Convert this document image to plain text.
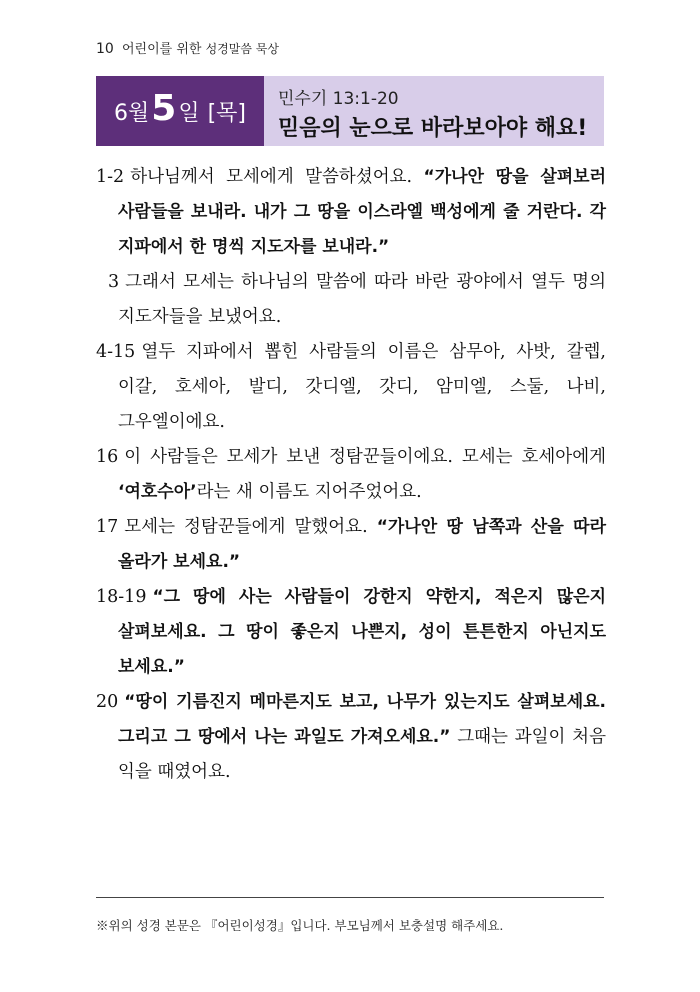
10 어린이를 위한 성경말씀 묵상
6월 5 일 [목]
민수기 13:1-20
믿음의 눈으로 바라보아야 해요!

1-2 하나님께서 모세에게 말씀하셨어요. “가나안 땅을 살펴보러 사람들을 보내라. 내가 그 땅을 이스라엘 백성에게 줄 거란다. 각 지파에서 한 명씩 지도자를 보내라.”

3 그래서 모세는 하나님의 말씀에 따라 바란 광야에서 열두 명의 지도자들을 보냈어요.

4-15 열두 지파에서 뽑힌 사람들의 이름은 삼무아, 사밧, 갈렙, 이갈, 호세아, 발디, 갓디엘, 갓디, 암미엘, 스둘, 나비, 그우엘이에요.

16 이 사람들은 모세가 보낸 정탐꾼들이에요. 모세는 호세아에게 ‘여호수아’라는 새 이름도 지어주었어요.

17 모세는 정탐꾼들에게 말했어요. “가나안 땅 남쪽과 산을 따라 올라가 보세요.”

18-19 “그 땅에 사는 사람들이 강한지 약한지, 적은지 많은지 살펴보세요. 그 땅이 좋은지 나쁜지, 성이 튼튼한지 아닌지도 보세요.”

20 “땅이 기름진지 메마른지도 보고, 나무가 있는지도 살펴보세요. 그리고 그 땅에서 나는 과일도 가져오세요.” 그때는 과일이 처음 익을 때였어요.

※위의 성경 본문은 『어린이성경』입니다. 부모님께서 보충설명 해주세요.
